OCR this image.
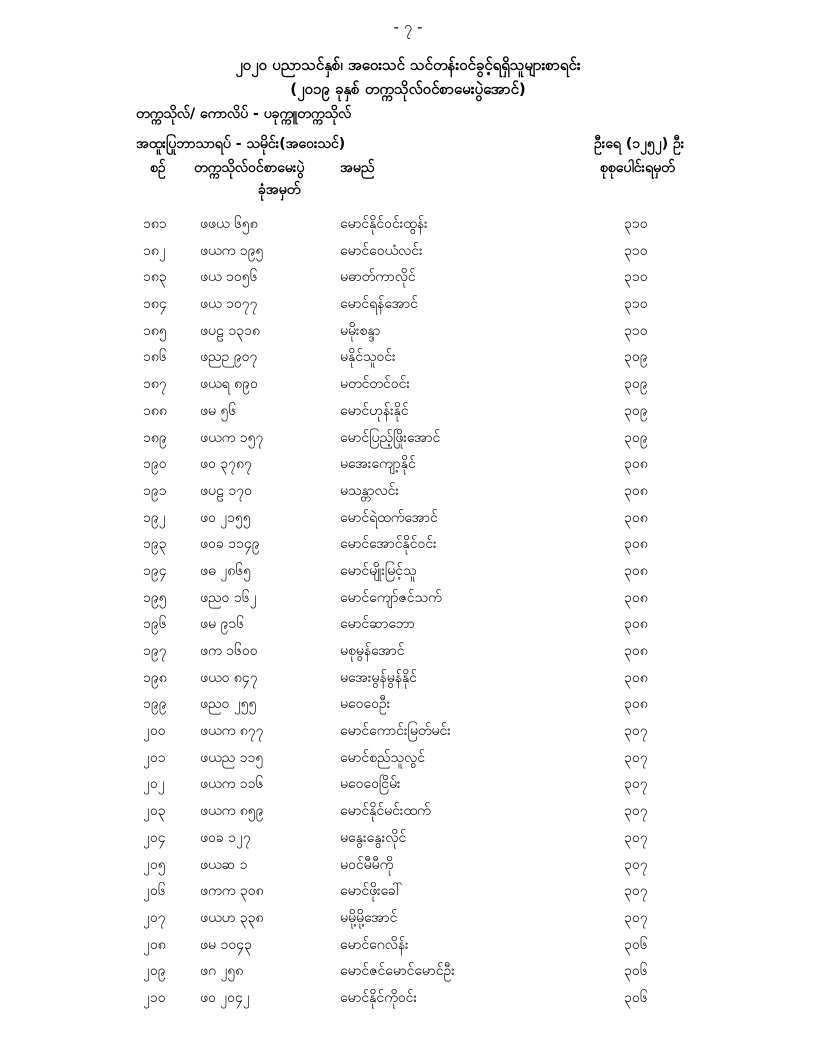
- ၇ -
၂၀၂၀ ပညာသင်နှစ်၊ အဝေးသင် သင်တန်းဝင်ခွင့်ရရှိသူများစာရင်း
(၂၀၁၉ ခုနှစ် တက္ကသိုလ်ဝင်စာမေးပွဲအောင်)
တက္ကသိုလ်/ ကောလိပ် - ပခုက္ကူတက္ကသိုလ်
အထူးပြုဘာသာရပ် - သမိုင်း(အဝေးသင်)	ဦးရေ (၁၂၅၂) ဦး
စဉ် တက္ကသိုလ်ဝင်စာမေးပွဲ
ခုံအမှတ်
အမည်	စုစုပေါင်းရမှတ်
၁၈၁ ဖဖယ ၆၅၈	မောင်နိုင်ဝင်းထွန်း	၃၁၀
၁၈၂ ဖယက ၁၉၅	မောင်ဝေယံလင်း	၃၁၀
၁၈၃ ဖယ ၁၀၅၆	မဓာတ်ကာလိုင်	၃၁၀
၁၈၄ ဖယ ၁၀၇၇	မောင်ရန်အောင်	၃၁၀
၁၈၅ ဖပဠ ၁၃၁၈	မမိုးစန္ဒာ	၃၁၀
၁၈၆ ဖညဉ ၉၀၇	မနိုင်သူဝင်း	၃၀၉
၁၈၇ ဖယရ ၈၉၀	မတင်တင်ဝင်း	၃၀၉
၁၈၈ ဖမ ၅၆	မောင်ဟုန်းနိုင်	၃၀၉
၁၈၉ ဖယက ၁၅၇	မောင်ပြည့်ဖြိုးအောင်	၃၀၉
၁၉၀ ဖဝ ၃၇၈၇	မအေးကျော့နိုင်	၃၀၈
၁၉၁ ဖပဠ ၁၇၀	မသန္တာလင်း	၃၀၈
၁၉၂ ဖဝ ၂၁၅၅	မောင်ရဲထက်အောင်	၃၀၈
၁၉၃ ဖဝခ ၁၁၄၉	မောင်အောင်နိုင်ဝင်း	၃၀၈
၁၉၄ ဖဓ ၂၈၆၅	မောင်မျိုးမြင့်သူ	၃၀၈
၁၉၅ ဖညဝ ၁၆၂	မောင်ကျော်ဇင်သက်	၃၀၈
၁၉၆ ဖမ ၉၁၆	မောင်ဆာဘော	၃၀၈
၁၉၇ ဖက ၁၆၀၀	မစုမွန်အောင်	၃၀၈
၁၉၈ ဖယဝ ၈၄၇	မအေးမွန်မွန်နိုင်	၃၀၈
၁၉၉ ဖညဝ ၂၅၅	မဝေဝေဦး	၃၀၈
၂၀၀ ဖယက ၈၇၇	မောင်ကောင်းမြတ်မင်း	၃၀၇
၂၀၁ ဖယည ၁၁၅	မောင်စည်သူလွင်	၃၀၇
၂၀၂	ဖယက ၁၁၆	မဝေဝေငြိမ်း	၃၀၇
၂၀၃ ဖယက ၈၅၉	မောင်နိုင်မင်းထက်	၃၀၇
၂၀၄ ဖဝခ ၁၂၇	မနွေးနွေးလိုင်	၃၀၇
၂၀၅ ဖယဆ ၁	မဝင်မီမီကို	၃၀၇
၂၀၆ ဖကက ၃၀၈	မောင်ဖိုးခေါ်	၃၀၇
၂၀၇ ဖယဟ ၃၃၈	မမို့မို့အောင်	၃၀၇
၂၀၈ ဖမ ၁၀၄၃	မောင်ဂေလိန်း	၃၀၆
၂၀၉ ဖဂ ၂၅၈	မောင်ဇင်မောင်မောင်ဦး	၃၀၆
၂၁၀ ဖဝ ၂၀၄၂	မောင်နိုင်ကိုဝင်း	၃၀၆
